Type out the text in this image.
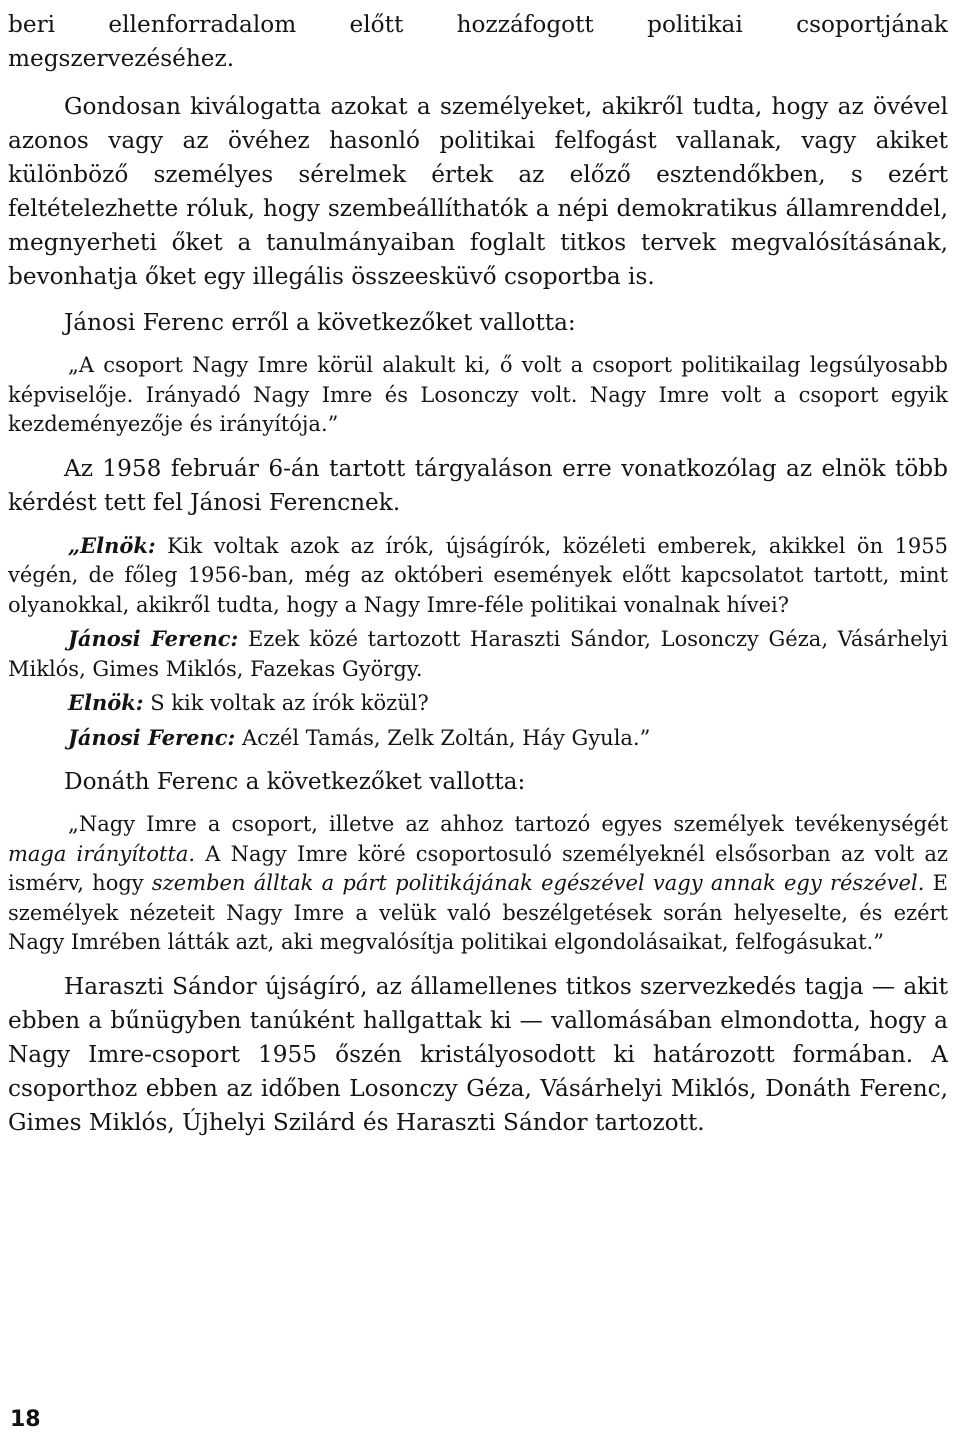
beri ellenforradalom előtt hozzáfogott politikai csoportjának megszervezéséhez.

Gondosan kiválogatta azokat a személyeket, akikről tudta, hogy az övével azonos vagy az övéhez hasonló politikai felfogást vallanak, vagy akiket különböző személyes sérelmek értek az előző esztendőkben, s ezért feltételezhette róluk, hogy szembeállíthatók a népi demokratikus államrenddel, megnyerheti őket a tanulmányaiban foglalt titkos tervek megvalósításának, bevonhatja őket egy illegális összeesküvő csoportba is.

Jánosi Ferenc erről a következőket vallotta:

„A csoport Nagy Imre körül alakult ki, ő volt a csoport politikailag legsúlyosabb képviselője. Irányadó Nagy Imre és Losonczy volt. Nagy Imre volt a csoport egyik kezdeményezője és irányítója.”

Az 1958 február 6-án tartott tárgyaláson erre vonatkozólag az elnök több kérdést tett fel Jánosi Ferencnek.

„Elnök: Kik voltak azok az írók, újságírók, közéleti emberek, akikkel ön 1955 végén, de főleg 1956-ban, még az októberi események előtt kapcsolatot tartott, mint olyanokkal, akikről tudta, hogy a Nagy Imre-féle politikai vonalnak hívei?

Jánosi Ferenc: Ezek közé tartozott Haraszti Sándor, Losonczy Géza, Vásárhelyi Miklós, Gimes Miklós, Fazekas György.

Elnök: S kik voltak az írók közül?

Jánosi Ferenc: Aczél Tamás, Zelk Zoltán, Háy Gyula.”

Donáth Ferenc a következőket vallotta:

„Nagy Imre a csoport, illetve az ahhoz tartozó egyes személyek tevékenységét maga irányította. A Nagy Imre köré csoportosuló személyeknél elsősorban az volt az ismérv, hogy szemben álltak a párt politikájának egészével vagy annak egy részével. E személyek nézeteit Nagy Imre a velük való beszélgetések során helyeselte, és ezért Nagy Imrében látták azt, aki megvalósítja politikai elgondolásaikat, felfogásukat.”

Haraszti Sándor újságíró, az államellenes titkos szervezkedés tagja — akit ebben a bűnügyben tanúként hallgattak ki — vallomásában elmondotta, hogy a Nagy Imre-csoport 1955 őszén kristályosodott ki határozott formában. A csoporthoz ebben az időben Losonczy Géza, Vásárhelyi Miklós, Donáth Ferenc, Gimes Miklós, Újhelyi Szilárd és Haraszti Sándor tartozott.

18
